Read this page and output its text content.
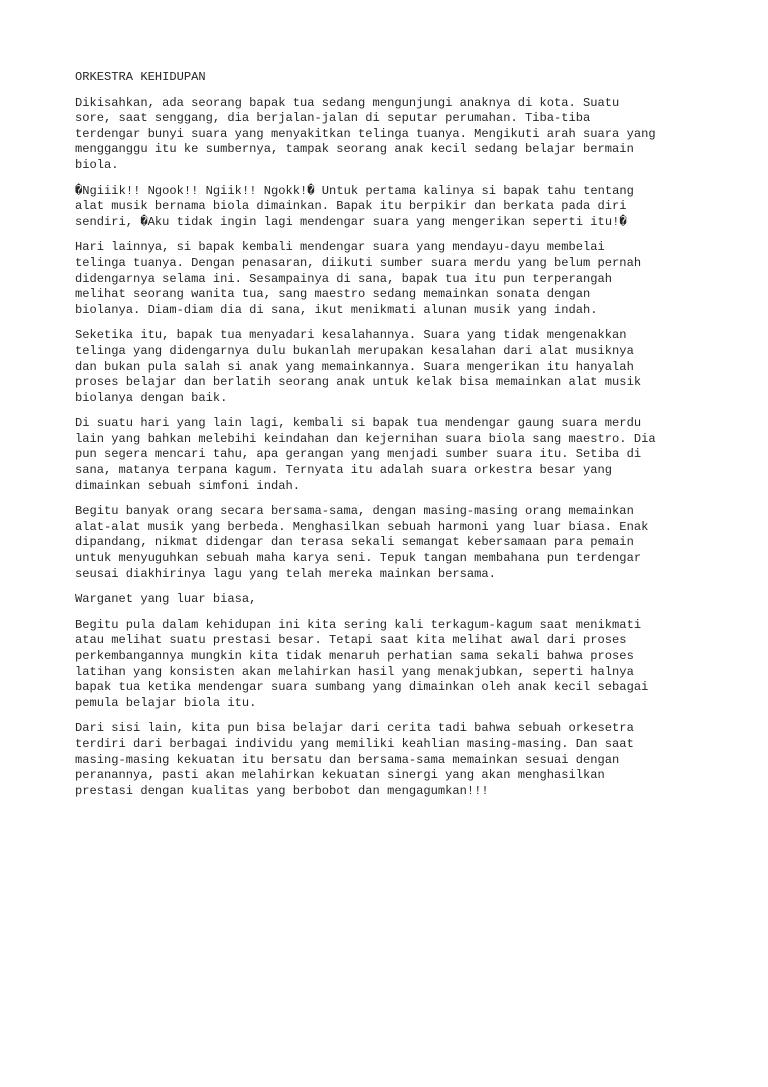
ORKESTRA KEHIDUPAN
Dikisahkan, ada seorang bapak tua sedang mengunjungi anaknya di kota. Suatu
sore, saat senggang, dia berjalan-jalan di seputar perumahan. Tiba-tiba
terdengar bunyi suara yang menyakitkan telinga tuanya. Mengikuti arah suara yang
mengganggu itu ke sumbernya, tampak seorang anak kecil sedang belajar bermain
biola.
�Ngiiik!! Ngook!! Ngiik!! Ngokk!� Untuk pertama kalinya si bapak tahu tentang
alat musik bernama biola dimainkan. Bapak itu berpikir dan berkata pada diri
sendiri, �Aku tidak ingin lagi mendengar suara yang mengerikan seperti itu!�
Hari lainnya, si bapak kembali mendengar suara yang mendayu-dayu membelai
telinga tuanya. Dengan penasaran, diikuti sumber suara merdu yang belum pernah
didengarnya selama ini. Sesampainya di sana, bapak tua itu pun terperangah
melihat seorang wanita tua, sang maestro sedang memainkan sonata dengan
biolanya. Diam-diam dia di sana, ikut menikmati alunan musik yang indah.
Seketika itu, bapak tua menyadari kesalahannya. Suara yang tidak mengenakkan
telinga yang didengarnya dulu bukanlah merupakan kesalahan dari alat musiknya
dan bukan pula salah si anak yang memainkannya. Suara mengerikan itu hanyalah
proses belajar dan berlatih seorang anak untuk kelak bisa memainkan alat musik
biolanya dengan baik.
Di suatu hari yang lain lagi, kembali si bapak tua mendengar gaung suara merdu
lain yang bahkan melebihi keindahan dan kejernihan suara biola sang maestro. Dia
pun segera mencari tahu, apa gerangan yang menjadi sumber suara itu. Setiba di
sana, matanya terpana kagum. Ternyata itu adalah suara orkestra besar yang
dimainkan sebuah simfoni indah.
Begitu banyak orang secara bersama-sama, dengan masing-masing orang memainkan
alat-alat musik yang berbeda. Menghasilkan sebuah harmoni yang luar biasa. Enak
dipandang, nikmat didengar dan terasa sekali semangat kebersamaan para pemain
untuk menyuguhkan sebuah maha karya seni. Tepuk tangan membahana pun terdengar
seusai diakhirinya lagu yang telah mereka mainkan bersama.
Warganet yang luar biasa,
Begitu pula dalam kehidupan ini kita sering kali terkagum-kagum saat menikmati
atau melihat suatu prestasi besar. Tetapi saat kita melihat awal dari proses
perkembangannya mungkin kita tidak menaruh perhatian sama sekali bahwa proses
latihan yang konsisten akan melahirkan hasil yang menakjubkan, seperti halnya
bapak tua ketika mendengar suara sumbang yang dimainkan oleh anak kecil sebagai
pemula belajar biola itu.
Dari sisi lain, kita pun bisa belajar dari cerita tadi bahwa sebuah orkesetra
terdiri dari berbagai individu yang memiliki keahlian masing-masing. Dan saat
masing-masing kekuatan itu bersatu dan bersama-sama memainkan sesuai dengan
peranannya, pasti akan melahirkan kekuatan sinergi yang akan menghasilkan
prestasi dengan kualitas yang berbobot dan mengagumkan!!!
